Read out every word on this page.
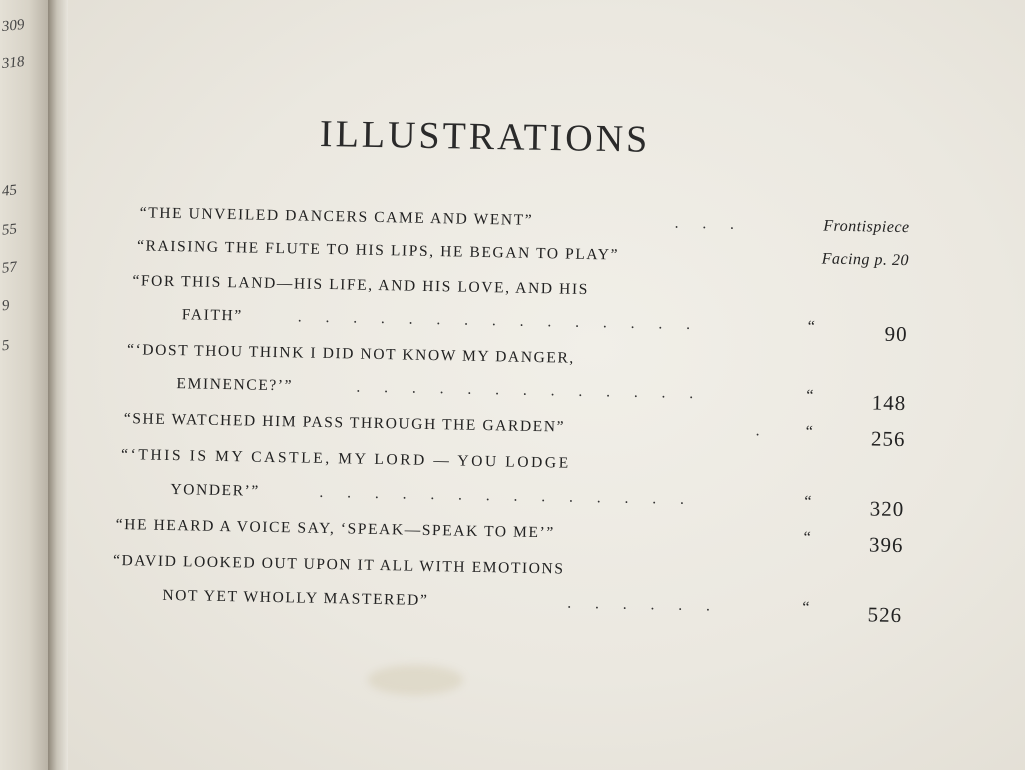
309
318
45
55
57
9
5
ILLUSTRATIONS
“THE UNVEILED DANCERS CAME AND WENT”	. . .	Frontispiece
“RAISING THE FLUTE TO HIS LIPS, HE BEGAN TO PLAY”	Facing p. 20
“FOR THIS LAND—HIS LIFE, AND HIS LOVE, AND HIS
FAITH”	. . . . . . . . . . . . . . .	“	90
“‘DOST THOU THINK I DID NOT KNOW MY DANGER,
EMINENCE?’”	. . . . . . . . . . . . .	“	148
“SHE WATCHED HIM PASS THROUGH THE GARDEN”	. “	256
“‘THIS IS MY CASTLE, MY LORD — YOU LODGE
YONDER’”	. . . . . . . . . . . . . .	“	320
“HE HEARD A VOICE SAY, ‘SPEAK—SPEAK TO ME’”	“	396
“DAVID LOOKED OUT UPON IT ALL WITH EMOTIONS
NOT YET WHOLLY MASTERED”	. . . . . .	“	526
